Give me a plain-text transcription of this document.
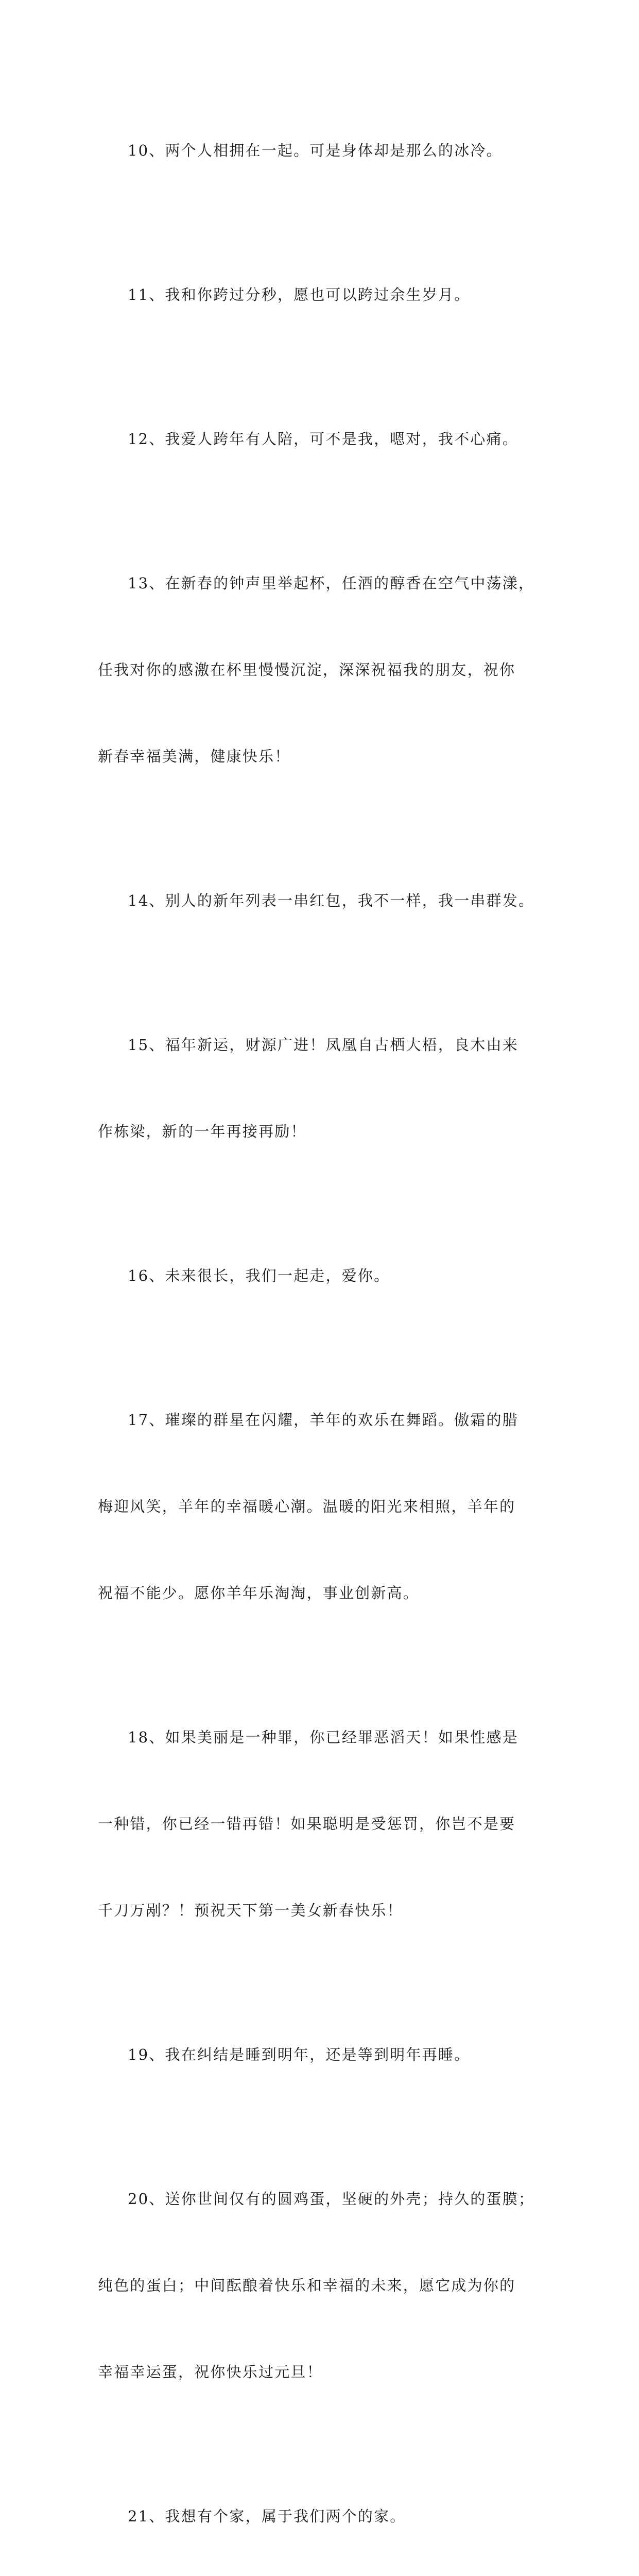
10、两个人相拥在一起。可是身体却是那么的冰冷。

11、我和你跨过分秒，愿也可以跨过余生岁月。

12、我爱人跨年有人陪，可不是我，嗯对，我不心痛。

13、在新春的钟声里举起杯，任酒的醇香在空气中荡漾，

任我对你的感激在杯里慢慢沉淀，深深祝福我的朋友，祝你

新春幸福美满，健康快乐！

14、别人的新年列表一串红包，我不一样，我一串群发。

15、福年新运，财源广进！凤凰自古栖大梧，良木由来

作栋梁，新的一年再接再励！

16、未来很长，我们一起走，爱你。

17、璀璨的群星在闪耀，羊年的欢乐在舞蹈。傲霜的腊

梅迎风笑，羊年的幸福暖心潮。温暖的阳光来相照，羊年的

祝福不能少。愿你羊年乐淘淘，事业创新高。

18、如果美丽是一种罪，你已经罪恶滔天！如果性感是

一种错，你已经一错再错！如果聪明是受惩罚，你岂不是要

千刀万剐？！预祝天下第一美女新春快乐！

19、我在纠结是睡到明年，还是等到明年再睡。

20、送你世间仅有的圆鸡蛋，坚硬的外壳；持久的蛋膜；

纯色的蛋白；中间酝酿着快乐和幸福的未来，愿它成为你的

幸福幸运蛋，祝你快乐过元旦！

21、我想有个家，属于我们两个的家。
